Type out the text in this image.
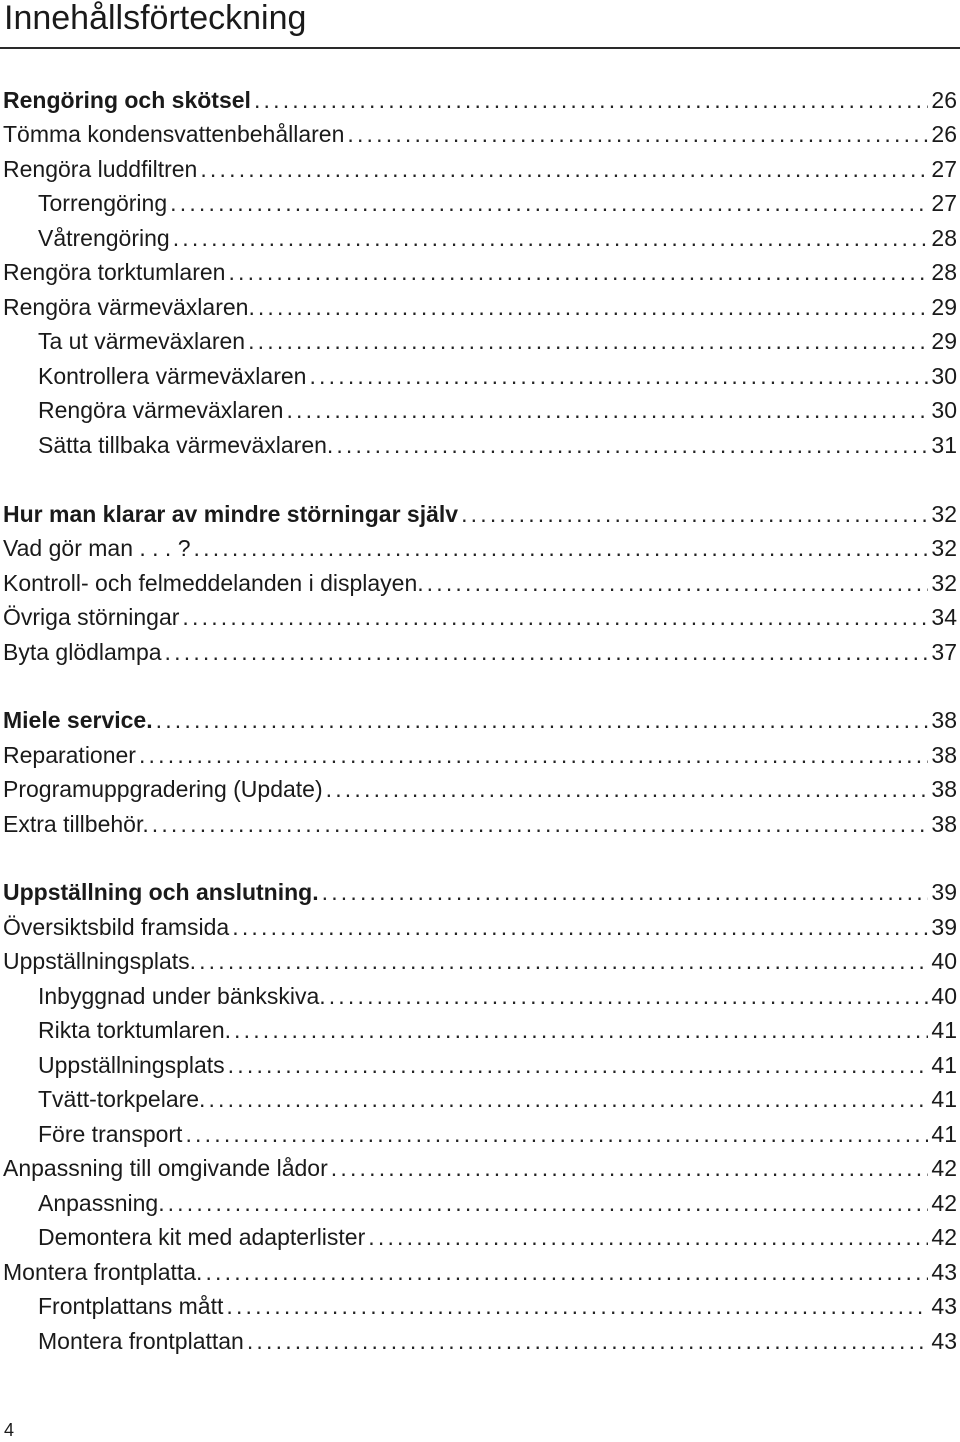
Innehållsförteckning
Rengöring och skötsel .....	26
Tömma kondensvattenbehållaren .....	26
Rengöra luddfiltren .....	27
Torrengöring .....	27
Våtrengöring .....	28
Rengöra torktumlaren .....	28
Rengöra värmeväxlaren. .....	29
Ta ut värmeväxlaren .....	29
Kontrollera värmeväxlaren .....	30
Rengöra värmeväxlaren .....	30
Sätta tillbaka värmeväxlaren. .....	31
Hur man klarar av mindre störningar själv .....	32
Vad gör man . . . ? .....	32
Kontroll- och felmeddelanden i displayen. .....	32
Övriga störningar .....	34
Byta glödlampa .....	37
Miele service. .....	38
Reparationer .....	38
Programuppgradering (Update) .....	38
Extra tillbehör. .....	38
Uppställning och anslutning. .....	39
Översiktsbild framsida .....	39
Uppställningsplats. .....	40
Inbyggnad under bänkskiva. .....	40
Rikta torktumlaren. .....	41
Uppställningsplats .....	41
Tvätt-torkpelare. .....	41
Före transport .....	41
Anpassning till omgivande lådor .....	42
Anpassning. .....	42
Demontera kit med adapterlister .....	42
Montera frontplatta. .....	43
Frontplattans mått .....	43
Montera frontplattan .....	43
4
